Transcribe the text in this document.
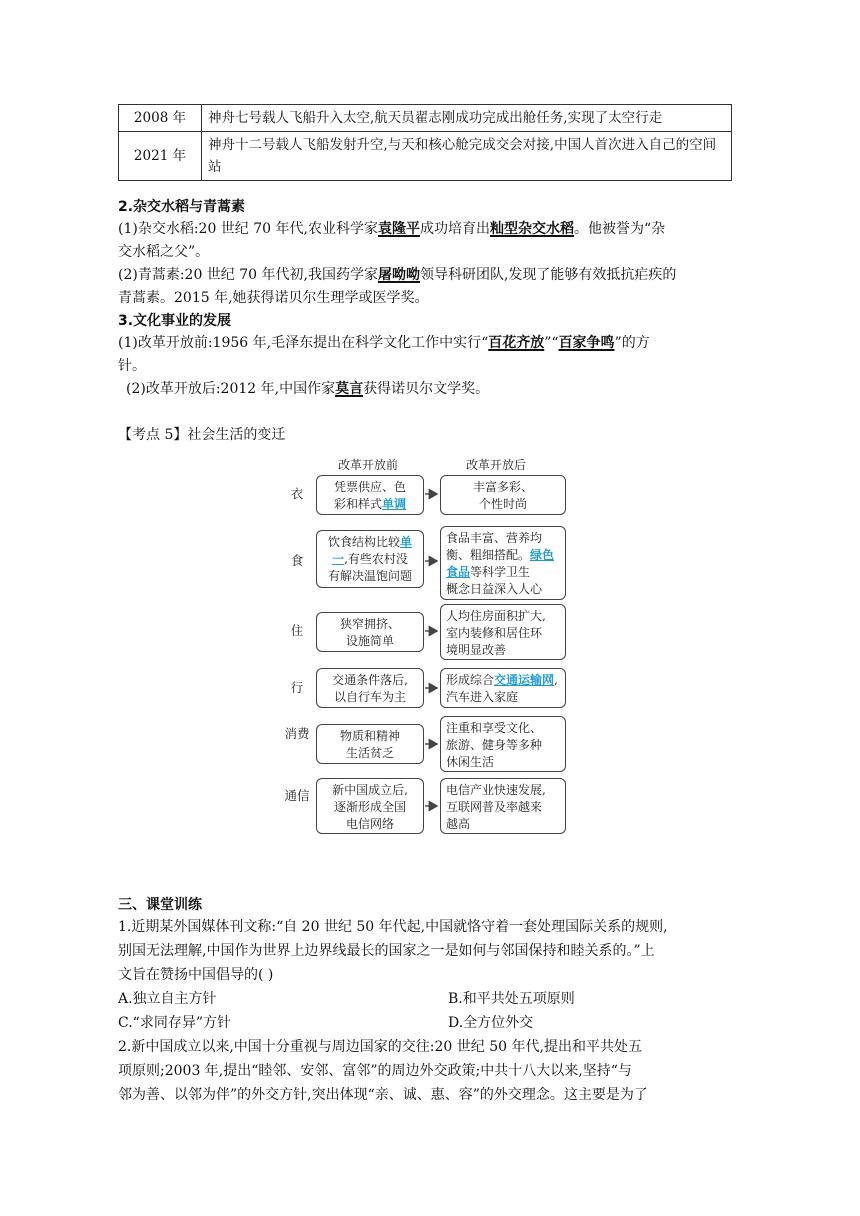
2008 年	神舟七号载人飞船升入太空,航天员翟志刚成功完成出舱任务,实现了太空行走
2021 年	神舟十二号载人飞船发射升空,与天和核心舱完成交会对接,中国人首次进入自己的空间站
2.杂交水稻与青蒿素
(1)杂交水稻:20 世纪 70 年代,农业科学家袁隆平成功培育出籼型杂交水稻。他被誉为“杂
交水稻之父”。
(2)青蒿素:20 世纪 70 年代初,我国药学家屠呦呦领导科研团队,发现了能够有效抵抗疟疾的
青蒿素。2015 年,她获得诺贝尔生理学或医学奖。
3.文化事业的发展
(1)改革开放前:1956 年,毛泽东提出在科学文化工作中实行“百花齐放”“百家争鸣”的方
针。
(2)改革开放后:2012 年,中国作家莫言获得诺贝尔文学奖。
【考点 5】社会生活的变迁
改革开放前	改革开放后
衣	凭票供应、色
彩和样式单调
丰富多彩、
个性时尚
食
饮食结构比较单一,有些农村没
有解决温饱问题
食品丰富、营养均
衡、粗细搭配。绿色食品等科学卫生
概念日益深入人心
住	狭窄拥挤、
设施简单
人均住房面积扩大,
室内装修和居住环
境明显改善
行	交通条件落后,
以自行车为主
形成综合交通运输网,汽车进入家庭
消费	物质和精神
生活贫乏
注重和享受文化、
旅游、健身等多种
休闲生活
通信	新中国成立后,
逐渐形成全国
电信网络
电信产业快速发展,
互联网普及率越来
越高
三、课堂训练
1.近期某外国媒体刊文称:“自 20 世纪 50 年代起,中国就恪守着一套处理国际关系的规则,
别国无法理解,中国作为世界上边界线最长的国家之一是如何与邻国保持和睦关系的。”上
文旨在赞扬中国倡导的( )
A.独立自主方针	B.和平共处五项原则
C.“求同存异”方针	D.全方位外交
2.新中国成立以来,中国十分重视与周边国家的交往:20 世纪 50 年代,提出和平共处五
项原则;2003 年,提出“睦邻、安邻、富邻”的周边外交政策;中共十八大以来,坚持“与
邻为善、以邻为伴”的外交方针,突出体现“亲、诚、惠、容”的外交理念。这主要是为了
